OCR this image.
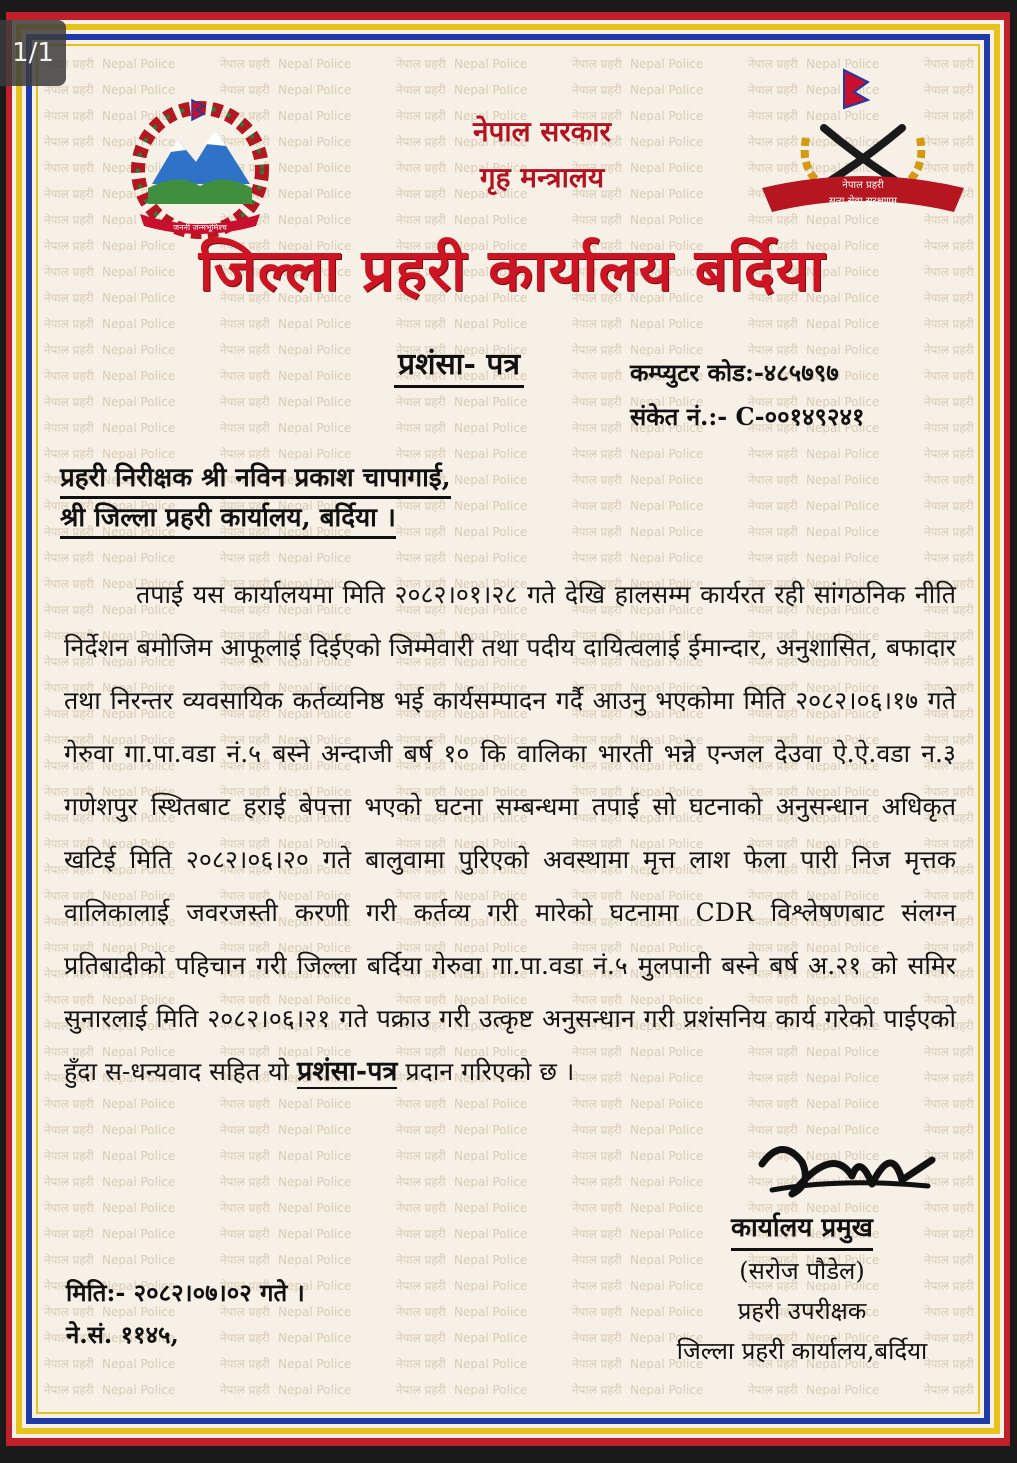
1/1
जननी जन्मभूमिश्च
नेपाल प्रहरी
सत्य सेवा सुरक्षणम्
नेपाल सरकार
गृह मन्त्रालय
जिल्ला प्रहरी कार्यालय बर्दिया
प्रशंसा- पत्र	कम्प्युटर कोड:-४८५७९७
संकेत नं.:- C-००१४९२४१
प्रहरी निरीक्षक श्री नविन प्रकाश चापागाई,
श्री जिल्ला प्रहरी कार्यालय, बर्दिया ।

तपाई यस कार्यालयमा मिति २०८२।०१।२८ गते देखि हालसम्म कार्यरत रही सांगठनिक नीति निर्देशन बमोजिम आफूलाई दिईएको जिम्मेवारी तथा पदीय दायित्वलाई ईमान्दार, अनुशासित, बफादार तथा निरन्तर व्यवसायिक कर्तव्यनिष्ठ भई कार्यसम्पादन गर्दै आउनु भएकोमा मिति २०८२।०६।१७ गते गेरुवा गा.पा.वडा नं.५ बस्ने अन्दाजी बर्ष १० कि वालिका भारती भन्ने एन्जल देउवा ऐ.ऐ.वडा न.३ गणेशपुर स्थितबाट हराई बेपत्ता भएको घटना सम्बन्धमा तपाई सो घटनाको अनुसन्धान अधिकृत खटिई मिति २०८२।०६।२० गते बालुवामा पुरिएको अवस्थामा मृत्त लाश फेला पारी निज मृत्तक वालिकालाई जवरजस्ती करणी गरी कर्तव्य गरी मारेको घटनामा CDR विश्लेषणबाट संलग्न प्रतिबादीको पहिचान गरी जिल्ला बर्दिया गेरुवा गा.पा.वडा नं.५ मुलपानी बस्ने बर्ष अ.२१ को समिर सुनारलाई मिति २०८२।०६।२१ गते पक्राउ गरी उत्कृष्ट अनुसन्धान गरी प्रशंसनिय कार्य गरेको पाईएको हुँदा स-धन्यवाद सहित यो प्रशंसा-पत्र प्रदान गरिएको छ ।

कार्यालय प्रमुख
(सरोज पौडेल)
प्रहरी उपरीक्षक
जिल्ला प्रहरी कार्यालय,बर्दिया
मिति:- २०८२।०७।०२ गते ।
ने.सं. ११४५,
